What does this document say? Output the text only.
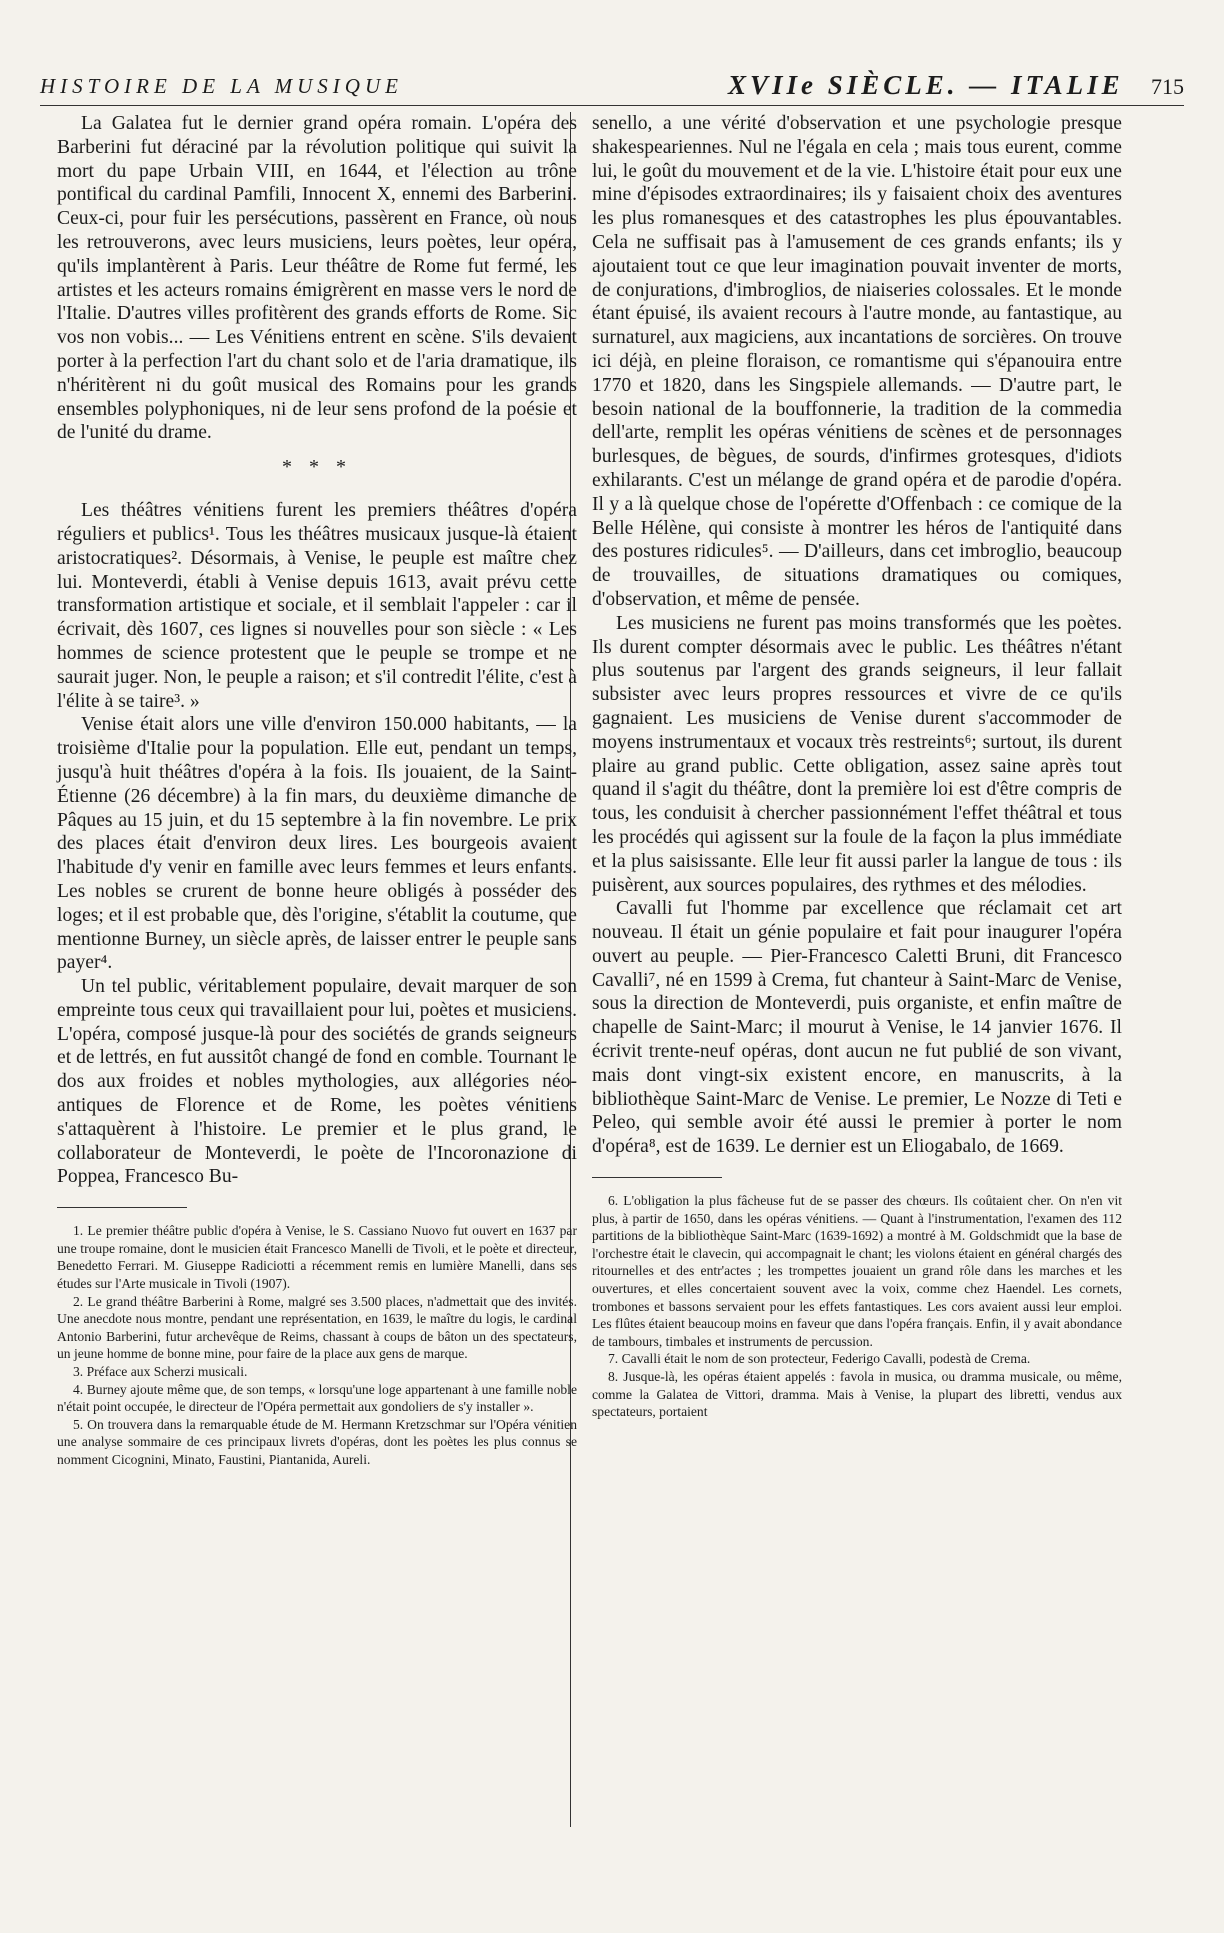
HISTOIRE DE LA MUSIQUE	XVIIe SIÈCLE. — ITALIE 715

La Galatea fut le dernier grand opéra romain. L'opéra des Barberini fut déraciné par la révolution politique qui suivit la mort du pape Urbain VIII, en 1644, et l'élection au trône pontifical du cardinal Pamfili, Innocent X, ennemi des Barberini. Ceux-ci, pour fuir les persécutions, passèrent en France, où nous les retrouverons, avec leurs musiciens, leurs poètes, leur opéra, qu'ils implantèrent à Paris. Leur théâtre de Rome fut fermé, les artistes et les acteurs romains émigrèrent en masse vers le nord de l'Italie. D'autres villes profitèrent des grands efforts de Rome. Sic vos non vobis... — Les Vénitiens entrent en scène. S'ils devaient porter à la perfection l'art du chant solo et de l'aria dramatique, ils n'héritèrent ni du goût musical des Romains pour les grands ensembles polyphoniques, ni de leur sens profond de la poésie et de l'unité du drame.

* * *

Les théâtres vénitiens furent les premiers théâtres d'opéra réguliers et publics¹. Tous les théâtres musicaux jusque-là étaient aristocratiques². Désormais, à Venise, le peuple est maître chez lui. Monteverdi, établi à Venise depuis 1613, avait prévu cette transformation artistique et sociale, et il semblait l'appeler : car il écrivait, dès 1607, ces lignes si nouvelles pour son siècle : « Les hommes de science protestent que le peuple se trompe et ne saurait juger. Non, le peuple a raison; et s'il contredit l'élite, c'est à l'élite à se taire³. »

Venise était alors une ville d'environ 150.000 habitants, — la troisième d'Italie pour la population. Elle eut, pendant un temps, jusqu'à huit théâtres d'opéra à la fois. Ils jouaient, de la Saint-Étienne (26 décembre) à la fin mars, du deuxième dimanche de Pâques au 15 juin, et du 15 septembre à la fin novembre. Le prix des places était d'environ deux lires. Les bourgeois avaient l'habitude d'y venir en famille avec leurs femmes et leurs enfants. Les nobles se crurent de bonne heure obligés à posséder des loges; et il est probable que, dès l'origine, s'établit la coutume, que mentionne Burney, un siècle après, de laisser entrer le peuple sans payer⁴.

Un tel public, véritablement populaire, devait marquer de son empreinte tous ceux qui travaillaient pour lui, poètes et musiciens. L'opéra, composé jusque-là pour des sociétés de grands seigneurs et de lettrés, en fut aussitôt changé de fond en comble. Tournant le dos aux froides et nobles mythologies, aux allégories néo-antiques de Florence et de Rome, les poètes vénitiens s'attaquèrent à l'histoire. Le premier et le plus grand, le collaborateur de Monteverdi, le poète de l'Incoronazione di Poppea, Francesco Bu-

1. Le premier théâtre public d'opéra à Venise, le S. Cassiano Nuovo fut ouvert en 1637 par une troupe romaine, dont le musicien était Francesco Manelli de Tivoli, et le poète et directeur, Benedetto Ferrari. M. Giuseppe Radiciotti a récemment remis en lumière Manelli, dans ses études sur l'Arte musicale in Tivoli (1907).

2. Le grand théâtre Barberini à Rome, malgré ses 3.500 places, n'admettait que des invités. Une anecdote nous montre, pendant une représentation, en 1639, le maître du logis, le cardinal Antonio Barberini, futur archevêque de Reims, chassant à coups de bâton un des spectateurs, un jeune homme de bonne mine, pour faire de la place aux gens de marque.

3. Préface aux Scherzi musicali.

4. Burney ajoute même que, de son temps, « lorsqu'une loge appartenant à une famille noble n'était point occupée, le directeur de l'Opéra permettait aux gondoliers de s'y installer ».

5. On trouvera dans la remarquable étude de M. Hermann Kretzschmar sur l'Opéra vénitien une analyse sommaire de ces principaux livrets d'opéras, dont les poètes les plus connus se nomment Cicognini, Minato, Faustini, Piantanida, Aureli.

senello, a une vérité d'observation et une psychologie presque shakespeariennes. Nul ne l'égala en cela ; mais tous eurent, comme lui, le goût du mouvement et de la vie. L'histoire était pour eux une mine d'épisodes extraordinaires; ils y faisaient choix des aventures les plus romanesques et des catastrophes les plus épouvantables. Cela ne suffisait pas à l'amusement de ces grands enfants; ils y ajoutaient tout ce que leur imagination pouvait inventer de morts, de conjurations, d'imbroglios, de niaiseries colossales. Et le monde étant épuisé, ils avaient recours à l'autre monde, au fantastique, au surnaturel, aux magiciens, aux incantations de sorcières. On trouve ici déjà, en pleine floraison, ce romantisme qui s'épanouira entre 1770 et 1820, dans les Singspiele allemands. — D'autre part, le besoin national de la bouffonnerie, la tradition de la commedia dell'arte, remplit les opéras vénitiens de scènes et de personnages burlesques, de bègues, de sourds, d'infirmes grotesques, d'idiots exhilarants. C'est un mélange de grand opéra et de parodie d'opéra. Il y a là quelque chose de l'opérette d'Offenbach : ce comique de la Belle Hélène, qui consiste à montrer les héros de l'antiquité dans des postures ridicules⁵. — D'ailleurs, dans cet imbroglio, beaucoup de trouvailles, de situations dramatiques ou comiques, d'observation, et même de pensée.

Les musiciens ne furent pas moins transformés que les poètes. Ils durent compter désormais avec le public. Les théâtres n'étant plus soutenus par l'argent des grands seigneurs, il leur fallait subsister avec leurs propres ressources et vivre de ce qu'ils gagnaient. Les musiciens de Venise durent s'accommoder de moyens instrumentaux et vocaux très restreints⁶; surtout, ils durent plaire au grand public. Cette obligation, assez saine après tout quand il s'agit du théâtre, dont la première loi est d'être compris de tous, les conduisit à chercher passionnément l'effet théâtral et tous les procédés qui agissent sur la foule de la façon la plus immédiate et la plus saisissante. Elle leur fit aussi parler la langue de tous : ils puisèrent, aux sources populaires, des rythmes et des mélodies.

Cavalli fut l'homme par excellence que réclamait cet art nouveau. Il était un génie populaire et fait pour inaugurer l'opéra ouvert au peuple. — Pier-Francesco Caletti Bruni, dit Francesco Cavalli⁷, né en 1599 à Crema, fut chanteur à Saint-Marc de Venise, sous la direction de Monteverdi, puis organiste, et enfin maître de chapelle de Saint-Marc; il mourut à Venise, le 14 janvier 1676. Il écrivit trente-neuf opéras, dont aucun ne fut publié de son vivant, mais dont vingt-six existent encore, en manuscrits, à la bibliothèque Saint-Marc de Venise. Le premier, Le Nozze di Teti e Peleo, qui semble avoir été aussi le premier à porter le nom d'opéra⁸, est de 1639. Le dernier est un Eliogabalo, de 1669.

6. L'obligation la plus fâcheuse fut de se passer des chœurs. Ils coûtaient cher. On n'en vit plus, à partir de 1650, dans les opéras vénitiens. — Quant à l'instrumentation, l'examen des 112 partitions de la bibliothèque Saint-Marc (1639-1692) a montré à M. Goldschmidt que la base de l'orchestre était le clavecin, qui accompagnait le chant; les violons étaient en général chargés des ritournelles et des entr'actes ; les trompettes jouaient un grand rôle dans les marches et les ouvertures, et elles concertaient souvent avec la voix, comme chez Haendel. Les cornets, trombones et bassons servaient pour les effets fantastiques. Les cors avaient aussi leur emploi. Les flûtes étaient beaucoup moins en faveur que dans l'opéra français. Enfin, il y avait abondance de tambours, timbales et instruments de percussion.

7. Cavalli était le nom de son protecteur, Federigo Cavalli, podestà de Crema.

8. Jusque-là, les opéras étaient appelés : favola in musica, ou dramma musicale, ou même, comme la Galatea de Vittori, dramma. Mais à Venise, la plupart des libretti, vendus aux spectateurs, portaient
